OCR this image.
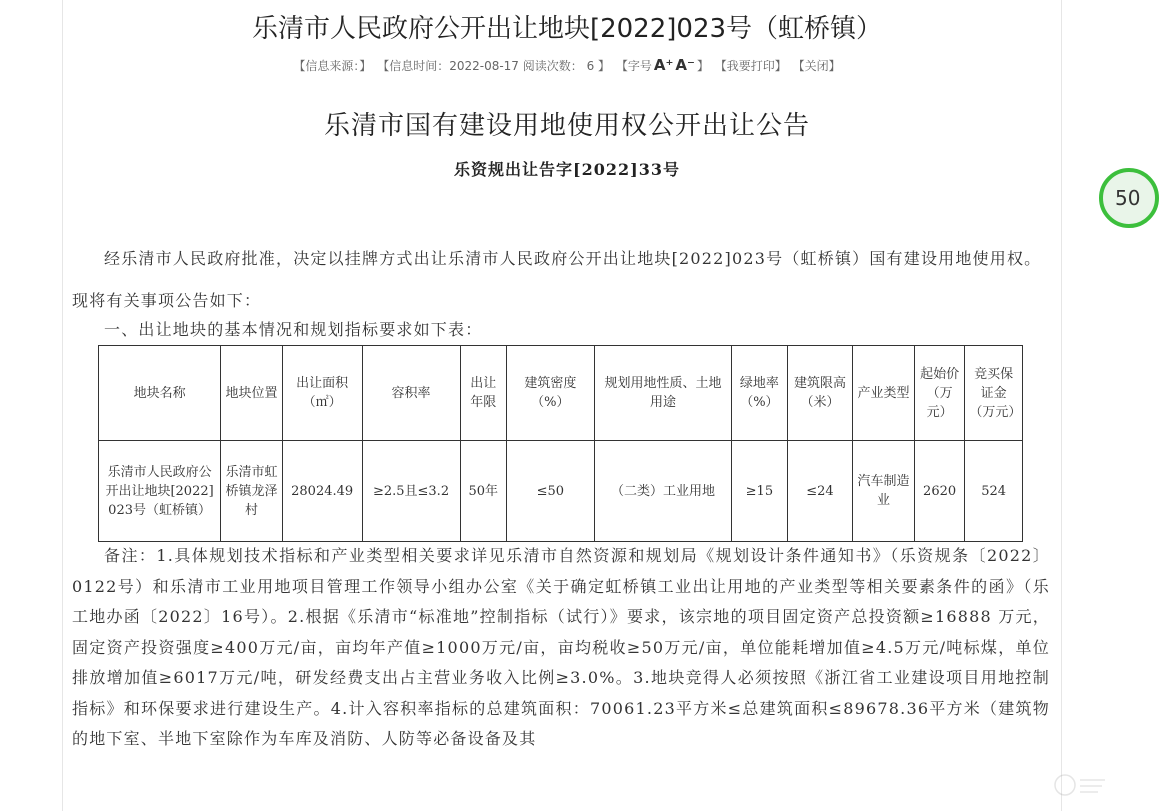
乐清市人民政府公开出让地块[2022]023号（虹桥镇）
【信息来源：】 【信息时间：2022-08-17 阅读次数： 6 】 【字号 A⁺ A⁻ 】 【我要打印】 【关闭】
乐清市国有建设用地使用权公开出让公告
乐资规出让告字[2022]33号
经乐清市人民政府批准，决定以挂牌方式出让乐清市人民政府公开出让地块[2022]023号（虹桥镇）国有建设用地使用权。现将有关事项公告如下：
一、出让地块的基本情况和规划指标要求如下表：
地块名称	地块位置	出让面积（㎡）	容积率	出让年限	建筑密度（%）	规划用地性质、土地用途	绿地率（%）	建筑限高（米）	产业类型	起始价（万元）	竞买保证金（万元）
乐清市人民政府公开出让地块[2022]023号（虹桥镇）	乐清市虹桥镇龙泽村	28024.49	≥2.5且≤3.2	50年	≤50	（二类）工业用地	≥15	≤24	汽车制造业	2620	524
备注：1.具体规划技术指标和产业类型相关要求详见乐清市自然资源和规划局《规划设计条件通知书》（乐资规条〔2022〕0122号）和乐清市工业用地项目管理工作领导小组办公室《关于确定虹桥镇工业出让用地的产业类型等相关要素条件的函》（乐工地办函〔2022〕16号）。2.根据《乐清市“标准地”控制指标（试行）》要求，该宗地的项目固定资产总投资额≥16888 万元，固定资产投资强度≥400万元/亩，亩均年产值≥1000万元/亩，亩均税收≥50万元/亩，单位能耗增加值≥4.5万元/吨标煤，单位排放增加值≥6017万元/吨，研发经费支出占主营业务收入比例≥3.0%。3.地块竞得人必须按照《浙江省工业建设项目用地控制指标》和环保要求进行建设生产。4.计入容积率指标的总建筑面积：70061.23平方米≤总建筑面积≤89678.36平方米（建筑物的地下室、半地下室除作为车库及消防、人防等必备设备及其
50
